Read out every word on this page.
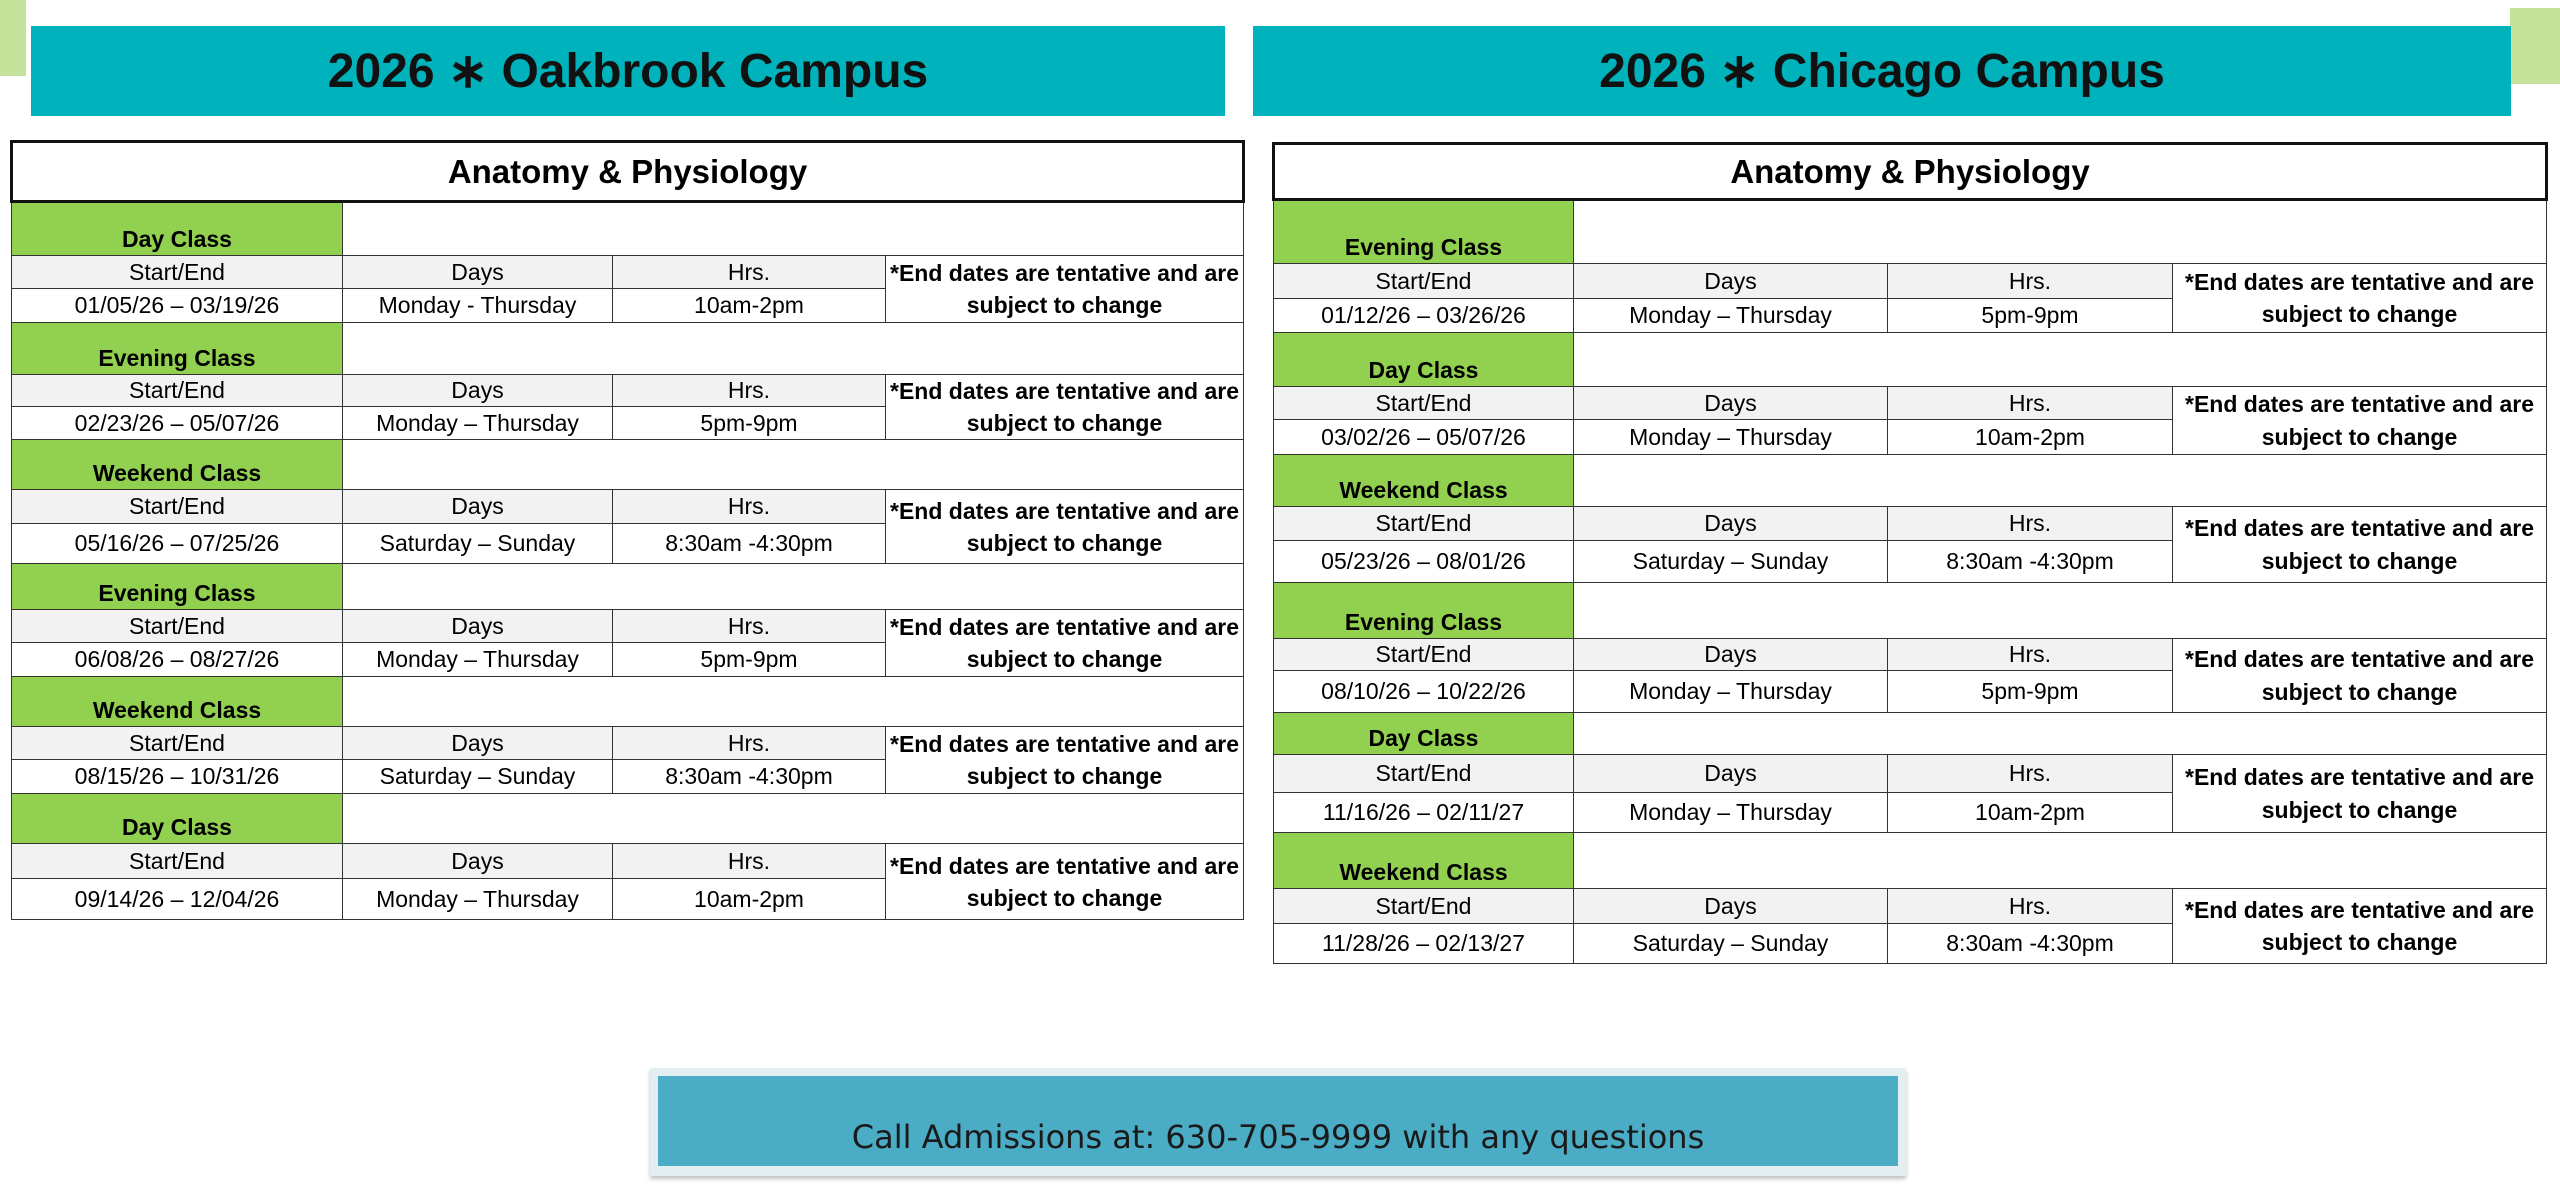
2026 ∗ Oakbrook Campus	2026 ∗ Chicago Campus
Anatomy & Physiology			
Day Class			
Start/End	Days	Hrs.	*End dates are tentative and are subject to change
01/05/26 – 03/19/26	Monday - Thursday	10am-2pm	
Evening Class			
Start/End	Days	Hrs.	*End dates are tentative and are subject to change
02/23/26 – 05/07/26	Monday – Thursday	5pm-9pm	
Weekend Class			
Start/End	Days	Hrs.	*End dates are tentative and are subject to change
05/16/26 – 07/25/26	Saturday – Sunday	8:30am -4:30pm	
Evening Class			
Start/End	Days	Hrs.	*End dates are tentative and are subject to change
06/08/26 – 08/27/26	Monday – Thursday	5pm-9pm	
Weekend Class			
Start/End	Days	Hrs.	*End dates are tentative and are subject to change
08/15/26 – 10/31/26	Saturday – Sunday	8:30am -4:30pm	
Day Class			
Start/End	Days	Hrs.	*End dates are tentative and are subject to change
09/14/26 – 12/04/26	Monday – Thursday	10am-2pm	
Anatomy & Physiology			
Evening Class			
Start/End	Days	Hrs.	*End dates are tentative and are subject to change
01/12/26 – 03/26/26	Monday – Thursday	5pm-9pm	
Day Class			
Start/End	Days	Hrs.	*End dates are tentative and are subject to change
03/02/26 – 05/07/26	Monday – Thursday	10am-2pm	
Weekend Class			
Start/End	Days	Hrs.	*End dates are tentative and are subject to change
05/23/26 – 08/01/26	Saturday – Sunday	8:30am -4:30pm	
Evening Class			
Start/End	Days	Hrs.	*End dates are tentative and are subject to change
08/10/26 – 10/22/26	Monday – Thursday	5pm-9pm	
Day Class			
Start/End	Days	Hrs.	*End dates are tentative and are subject to change
11/16/26 – 02/11/27	Monday – Thursday	10am-2pm	
Weekend Class			
Start/End	Days	Hrs.	*End dates are tentative and are subject to change
11/28/26 – 02/13/27	Saturday – Sunday	8:30am -4:30pm	
Call Admissions at: 630-705-9999 with any questions
